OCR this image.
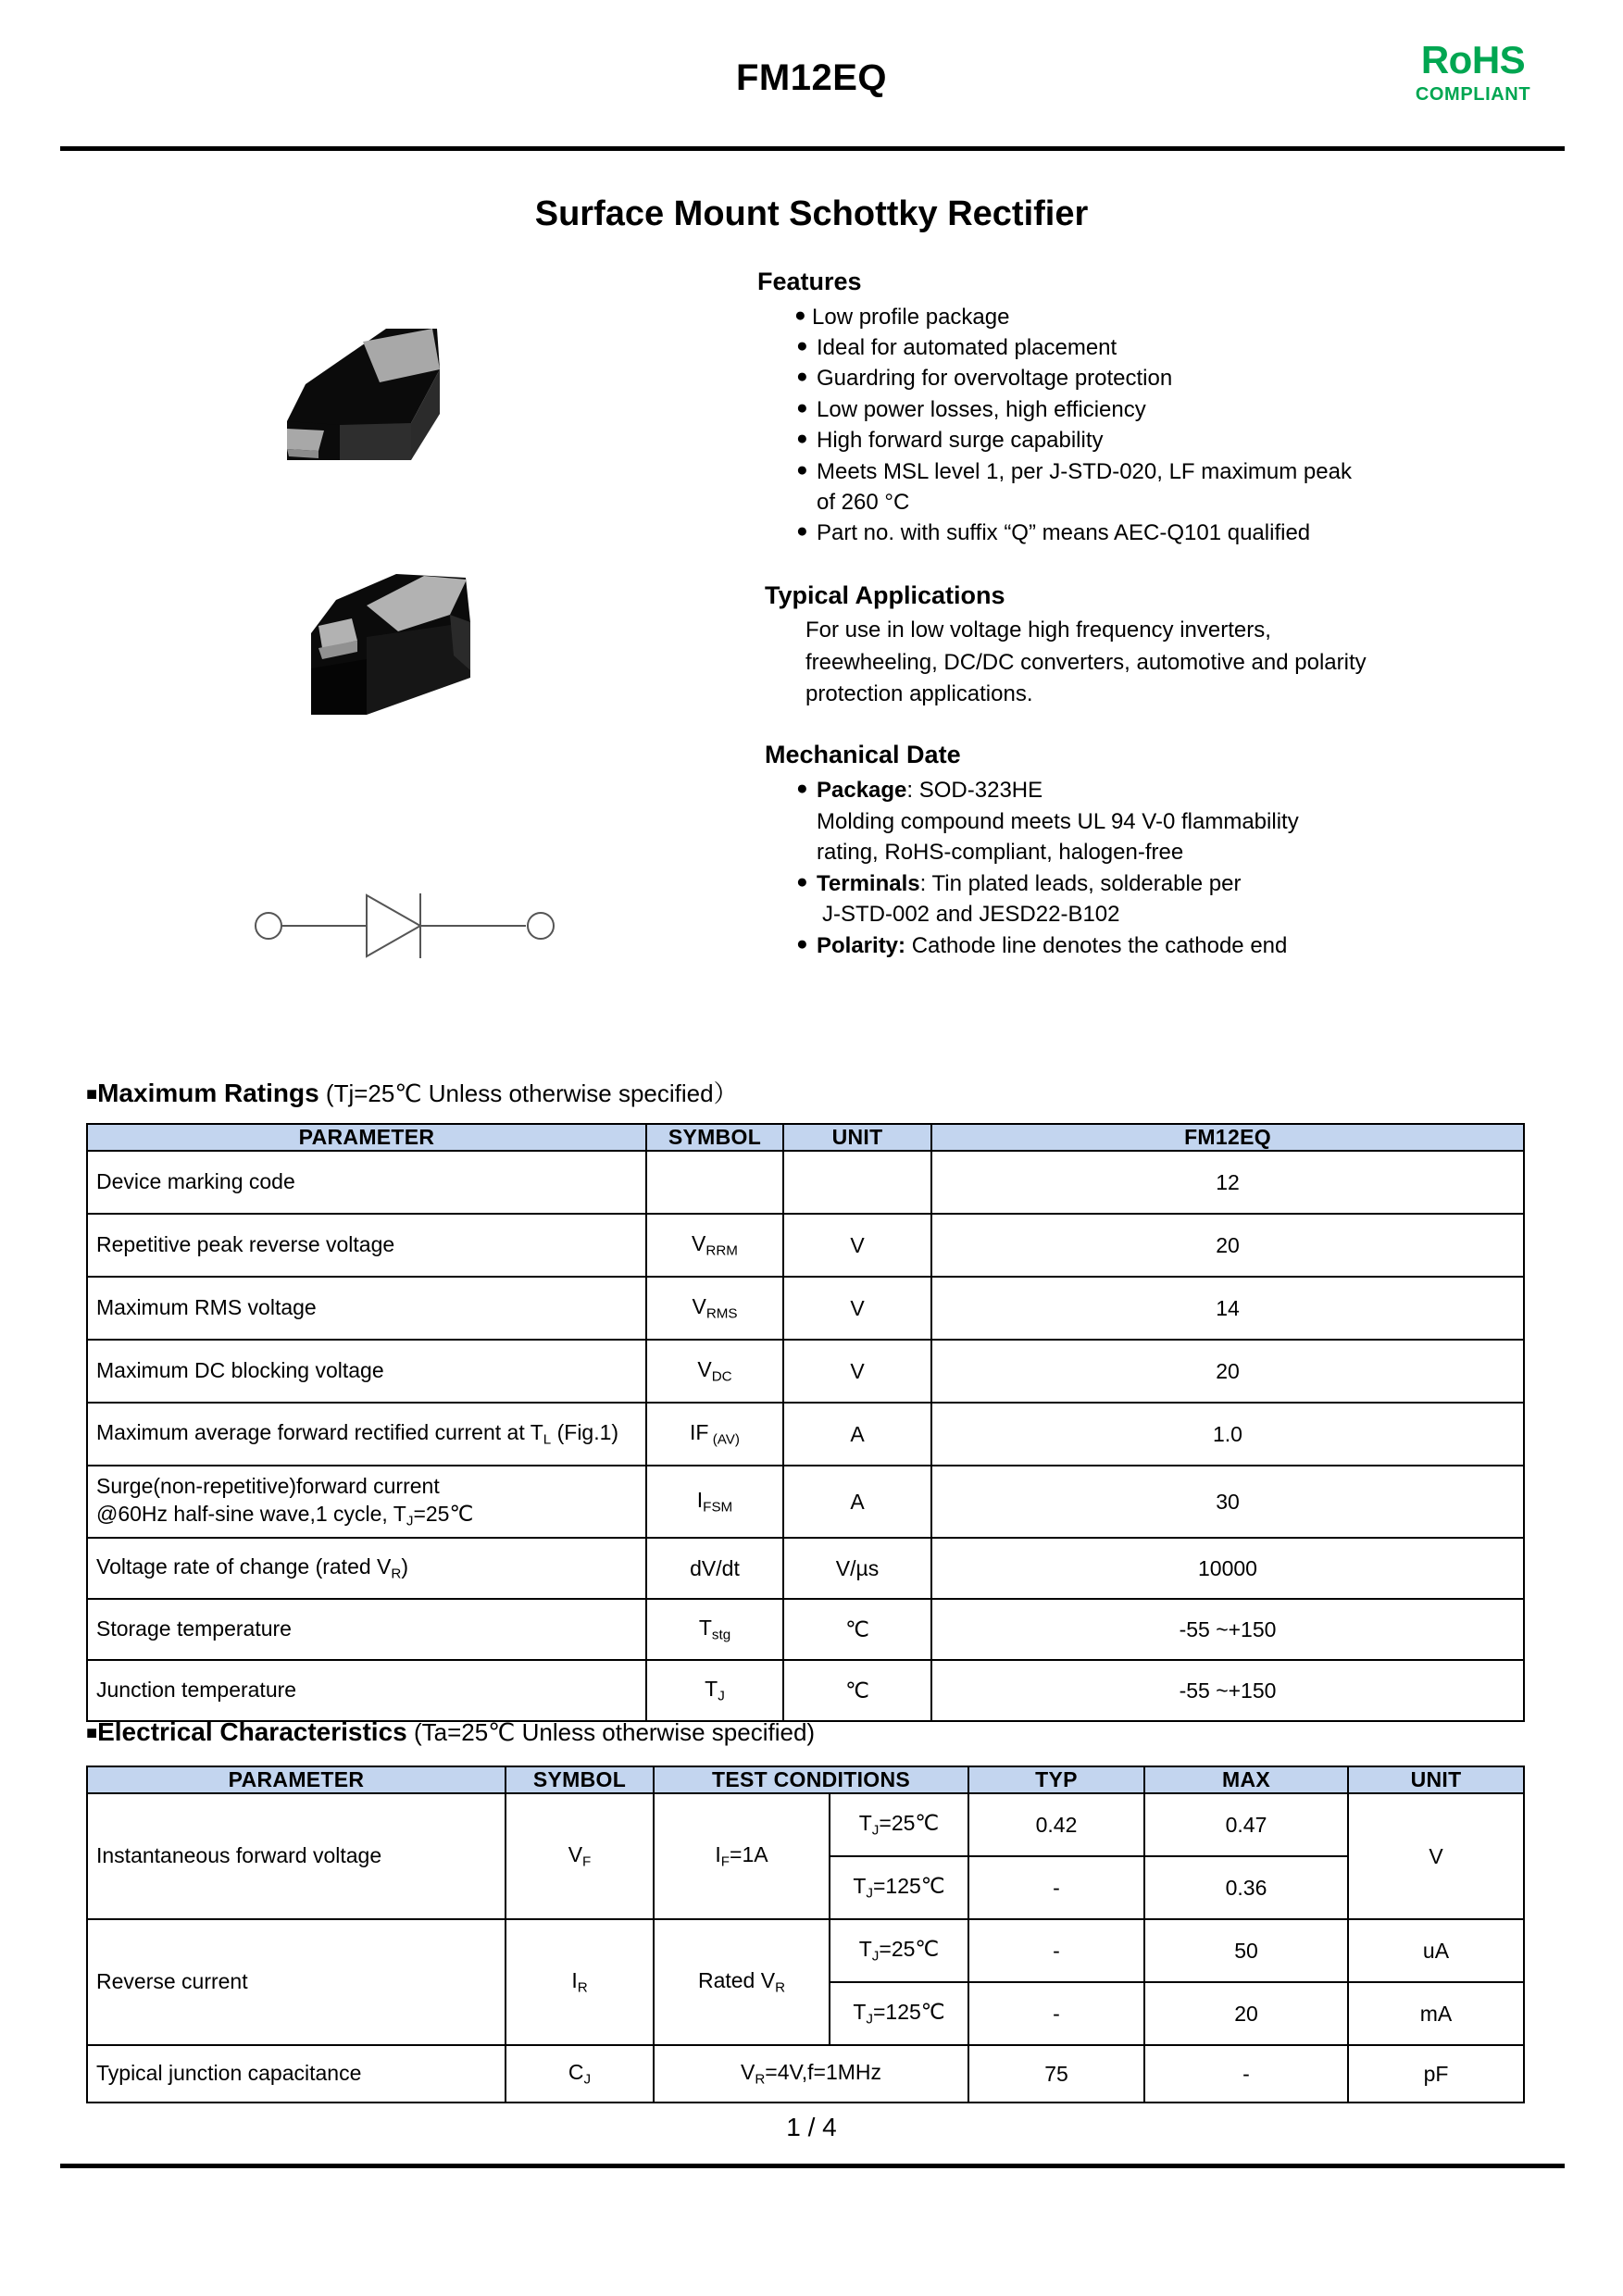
FM12EQ	RoHS
COMPLIANT
Surface Mount Schottky Rectifier
Features
● Low profile package
● Ideal for automated placement
● Guardring for overvoltage protection
● Low power losses, high efficiency
● High forward surge capability
● Meets MSL level 1, per J-STD-020, LF maximum peak
of 260 °C
● Part no. with suffix “Q” means AEC-Q101 qualified
Typical Applications
For use in low voltage high frequency inverters,
freewheeling, DC/DC converters, automotive and polarity
protection applications.
Mechanical Date
● Package: SOD-323HE
Molding compound meets UL 94 V-0 flammability
rating, RoHS-compliant, halogen-free
● Terminals: Tin plated leads, solderable per
J-STD-002 and JESD22-B102
● Polarity: Cathode line denotes the cathode end
■Maximum Ratings (Tj=25℃ Unless otherwise specified）
PARAMETER	SYMBOL	UNIT	FM12EQ
Device marking code			12
Repetitive peak reverse voltage	$V_{RRM}$	V	20
Maximum RMS voltage	$V_{RMS}$	V	14
Maximum DC blocking voltage	$V_{DC}$	V	20
Maximum average forward rectified current at $T_L$ (Fig.1)	IF $_{(AV)}$	A	1.0
Surge(non-repetitive)forward current
@60Hz half-sine wave,1 cycle, $T_J=25℃$	$I_{FSM}$	A	30
Voltage rate of change (rated $V_R$)	dV/dt	V/µs	10000
Storage temperature	$T_{stg}$	℃	-55 ~+150
Junction temperature	$T_J$	℃	-55 ~+150
■Electrical Characteristics (Ta=25℃ Unless otherwise specified)
PARAMETER	SYMBOL	TEST CONDITIONS		TYP	MAX	UNIT
Instantaneous forward voltage	$V_F$	$I_F=1A$	$T_J=25℃$	0.42	0.47	V
			$T_J=125℃$	-	0.36	
Reverse current	$I_R$	Rated $V_R$	$T_J=25℃$	-	50	uA
			$T_J=125℃$	-	20	mA
Typical junction capacitance	$C_J$	$V_R=4V,f=1MHz$		75	-	pF
1 / 4
